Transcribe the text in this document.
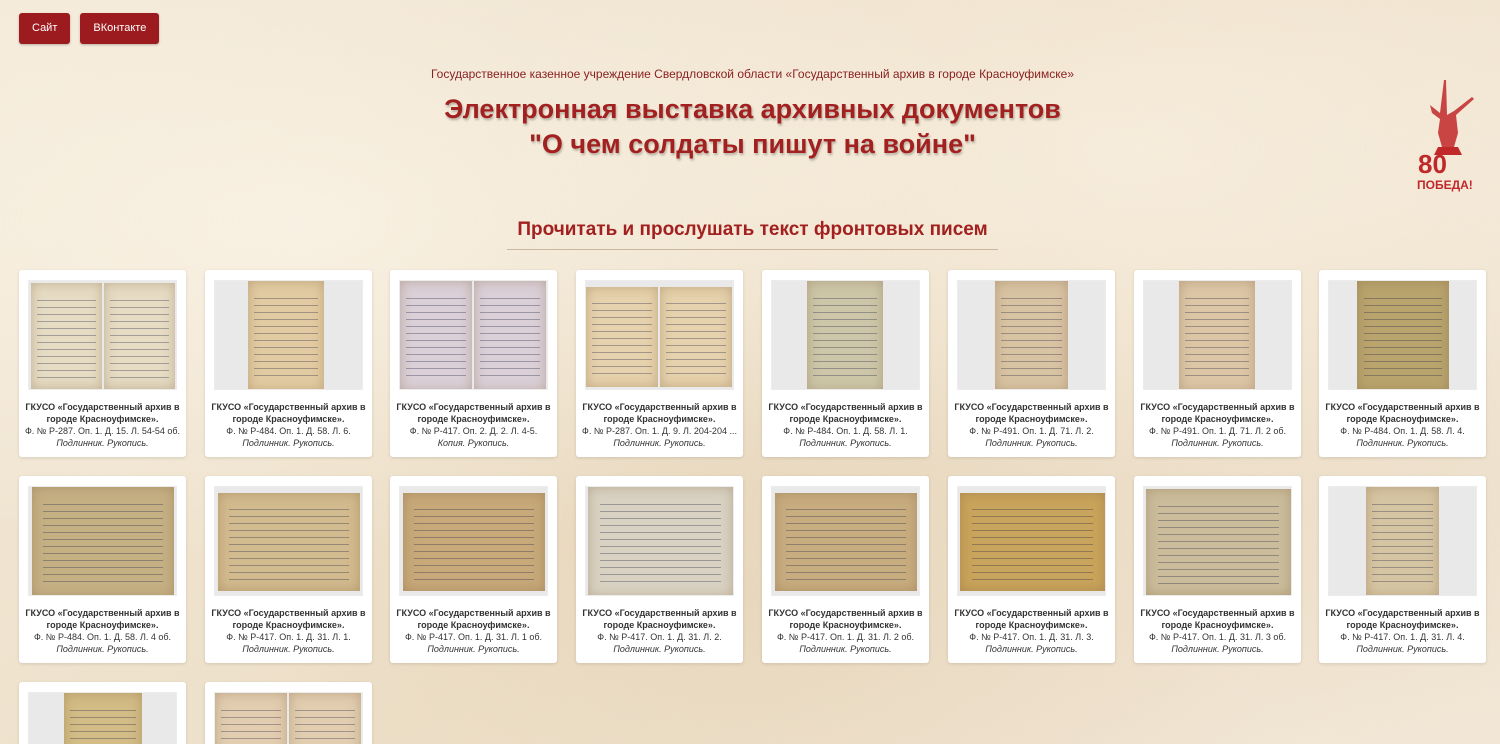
Сайт	ВКонтакте
Государственное казенное учреждение Свердловской области «Государственный архив в городе Красноуфимске»
Электронная выставка архивных документов
"О чем солдаты пишут на войне"
80
ПОБЕДА!
Прочитать и прослушать текст фронтовых писем
ГКУСО «Государственный архив в городе Красноуфимске».
Ф. № Р-287. Оп. 1. Д. 15. Л. 54-54 об.
Подлинник. Рукопись.
ГКУСО «Государственный архив в городе Красноуфимске».
Ф. № Р-484. Оп. 1. Д. 58. Л. 6.
Подлинник. Рукопись.
ГКУСО «Государственный архив в городе Красноуфимске».
Ф. № Р-417. Оп. 2. Д. 2. Л. 4-5.
Копия. Рукопись.
ГКУСО «Государственный архив в городе Красноуфимске».
Ф. № Р-287. Оп. 1. Д. 9. Л. 204-204 ...
Подлинник. Рукопись.
ГКУСО «Государственный архив в городе Красноуфимске».
Ф. № Р-484. Оп. 1. Д. 58. Л. 1.
Подлинник. Рукопись.
ГКУСО «Государственный архив в городе Красноуфимске».
Ф. № Р-491. Оп. 1. Д. 71. Л. 2.
Подлинник. Рукопись.
ГКУСО «Государственный архив в городе Красноуфимске».
Ф. № Р-491. Оп. 1. Д. 71. Л. 2 об.
Подлинник. Рукопись.
ГКУСО «Государственный архив в городе Красноуфимске».
Ф. № Р-484. Оп. 1. Д. 58. Л. 4.
Подлинник. Рукопись.
ГКУСО «Государственный архив в городе Красноуфимске».
Ф. № Р-484. Оп. 1. Д. 58. Л. 4 об.
Подлинник. Рукопись.
ГКУСО «Государственный архив в городе Красноуфимске».
Ф. № Р-417. Оп. 1. Д. 31. Л. 1.
Подлинник. Рукопись.
ГКУСО «Государственный архив в городе Красноуфимске».
Ф. № Р-417. Оп. 1. Д. 31. Л. 1 об.
Подлинник. Рукопись.
ГКУСО «Государственный архив в городе Красноуфимске».
Ф. № Р-417. Оп. 1. Д. 31. Л. 2.
Подлинник. Рукопись.
ГКУСО «Государственный архив в городе Красноуфимске».
Ф. № Р-417. Оп. 1. Д. 31. Л. 2 об.
Подлинник. Рукопись.
ГКУСО «Государственный архив в городе Красноуфимске».
Ф. № Р-417. Оп. 1. Д. 31. Л. 3.
Подлинник. Рукопись.
ГКУСО «Государственный архив в городе Красноуфимске».
Ф. № Р-417. Оп. 1. Д. 31. Л. 3 об.
Подлинник. Рукопись.
ГКУСО «Государственный архив в городе Красноуфимске».
Ф. № Р-417. Оп. 1. Д. 31. Л. 4.
Подлинник. Рукопись.
